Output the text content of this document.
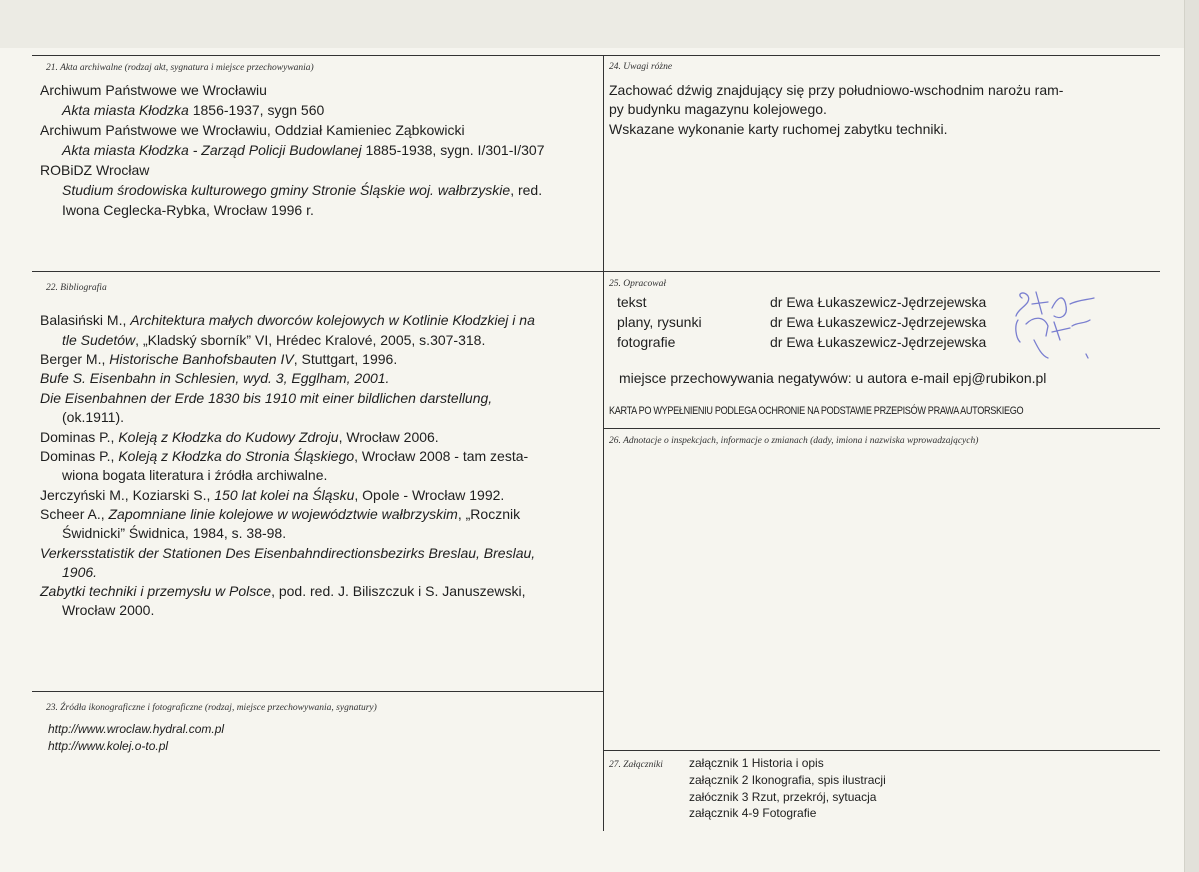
21. Akta archiwalne (rodzaj akt, sygnatura i miejsce przechowywania)
Archiwum Państwowe we Wrocławiu
Akta miasta Kłodzka 1856-1937, sygn 560
Archiwum Państwowe we Wrocławiu, Oddział Kamieniec Ząbkowicki
Akta miasta Kłodzka - Zarząd Policji Budowlanej 1885-1938, sygn. I/301-I/307
ROBiDZ Wrocław
Studium środowiska kulturowego gminy Stronie Śląskie woj. wałbrzyskie, red.
Iwona Ceglecka-Rybka, Wrocław 1996 r.
22. Bibliografia
Balasiński M., Architektura małych dworców kolejowych w Kotlinie Kłodzkiej i na
tle Sudetów, „Kladský sborník” VI, Hrédec Kralové, 2005, s.307-318.
Berger M., Historische Banhofsbauten IV, Stuttgart, 1996.
Bufe S. Eisenbahn in Schlesien, wyd. 3, Egglham, 2001.
Die Eisenbahnen der Erde 1830 bis 1910 mit einer bildlichen darstellung,
(ok.1911).
Dominas P., Koleją z Kłodzka do Kudowy Zdroju, Wrocław 2006.
Dominas P., Koleją z Kłodzka do Stronia Śląskiego, Wrocław 2008 - tam zesta-
wiona bogata literatura i źródła archiwalne.
Jerczyński M., Koziarski S., 150 lat kolei na Śląsku, Opole - Wrocław 1992.
Scheer A., Zapomniane linie kolejowe w województwie wałbrzyskim, „Rocznik
Świdnicki” Świdnica, 1984, s. 38-98.
Verkersstatistik der Stationen Des Eisenbahndirectionsbezirks Breslau, Breslau,
1906.
Zabytki techniki i przemysłu w Polsce, pod. red. J. Biliszczuk i S. Januszewski,
Wrocław 2000.
23. Źródła ikonograficzne i fotograficzne (rodzaj, miejsce przechowywania, sygnatury)
http://www.wroclaw.hydral.com.pl
http://www.kolej.o-to.pl
24. Uwagi różne
Zachować dźwig znajdujący się przy południowo-wschodnim narożu ram-
py budynku magazynu kolejowego.
Wskazane wykonanie karty ruchomej zabytku techniki.
25. Opracował
tekst	dr Ewa Łukaszewicz-Jędrzejewska
plany, rysunki	dr Ewa Łukaszewicz-Jędrzejewska
fotografie	dr Ewa Łukaszewicz-Jędrzejewska
miejsce przechowywania negatywów: u autora e-mail epj@rubikon.pl
KARTA PO WYPEŁNIENIU PODLEGA OCHRONIE NA PODSTAWIE PRZEPISÓW PRAWA AUTORSKIEGO
26. Adnotacje o inspekcjach, informacje o zmianach (dady, imiona i nazwiska wprowadzających)
27. Załączniki załącznik 1 Historia i opis
załącznik 2 Ikonografia, spis ilustracji
załócznik 3 Rzut, przekrój, sytuacja
załącznik 4-9 Fotografie
